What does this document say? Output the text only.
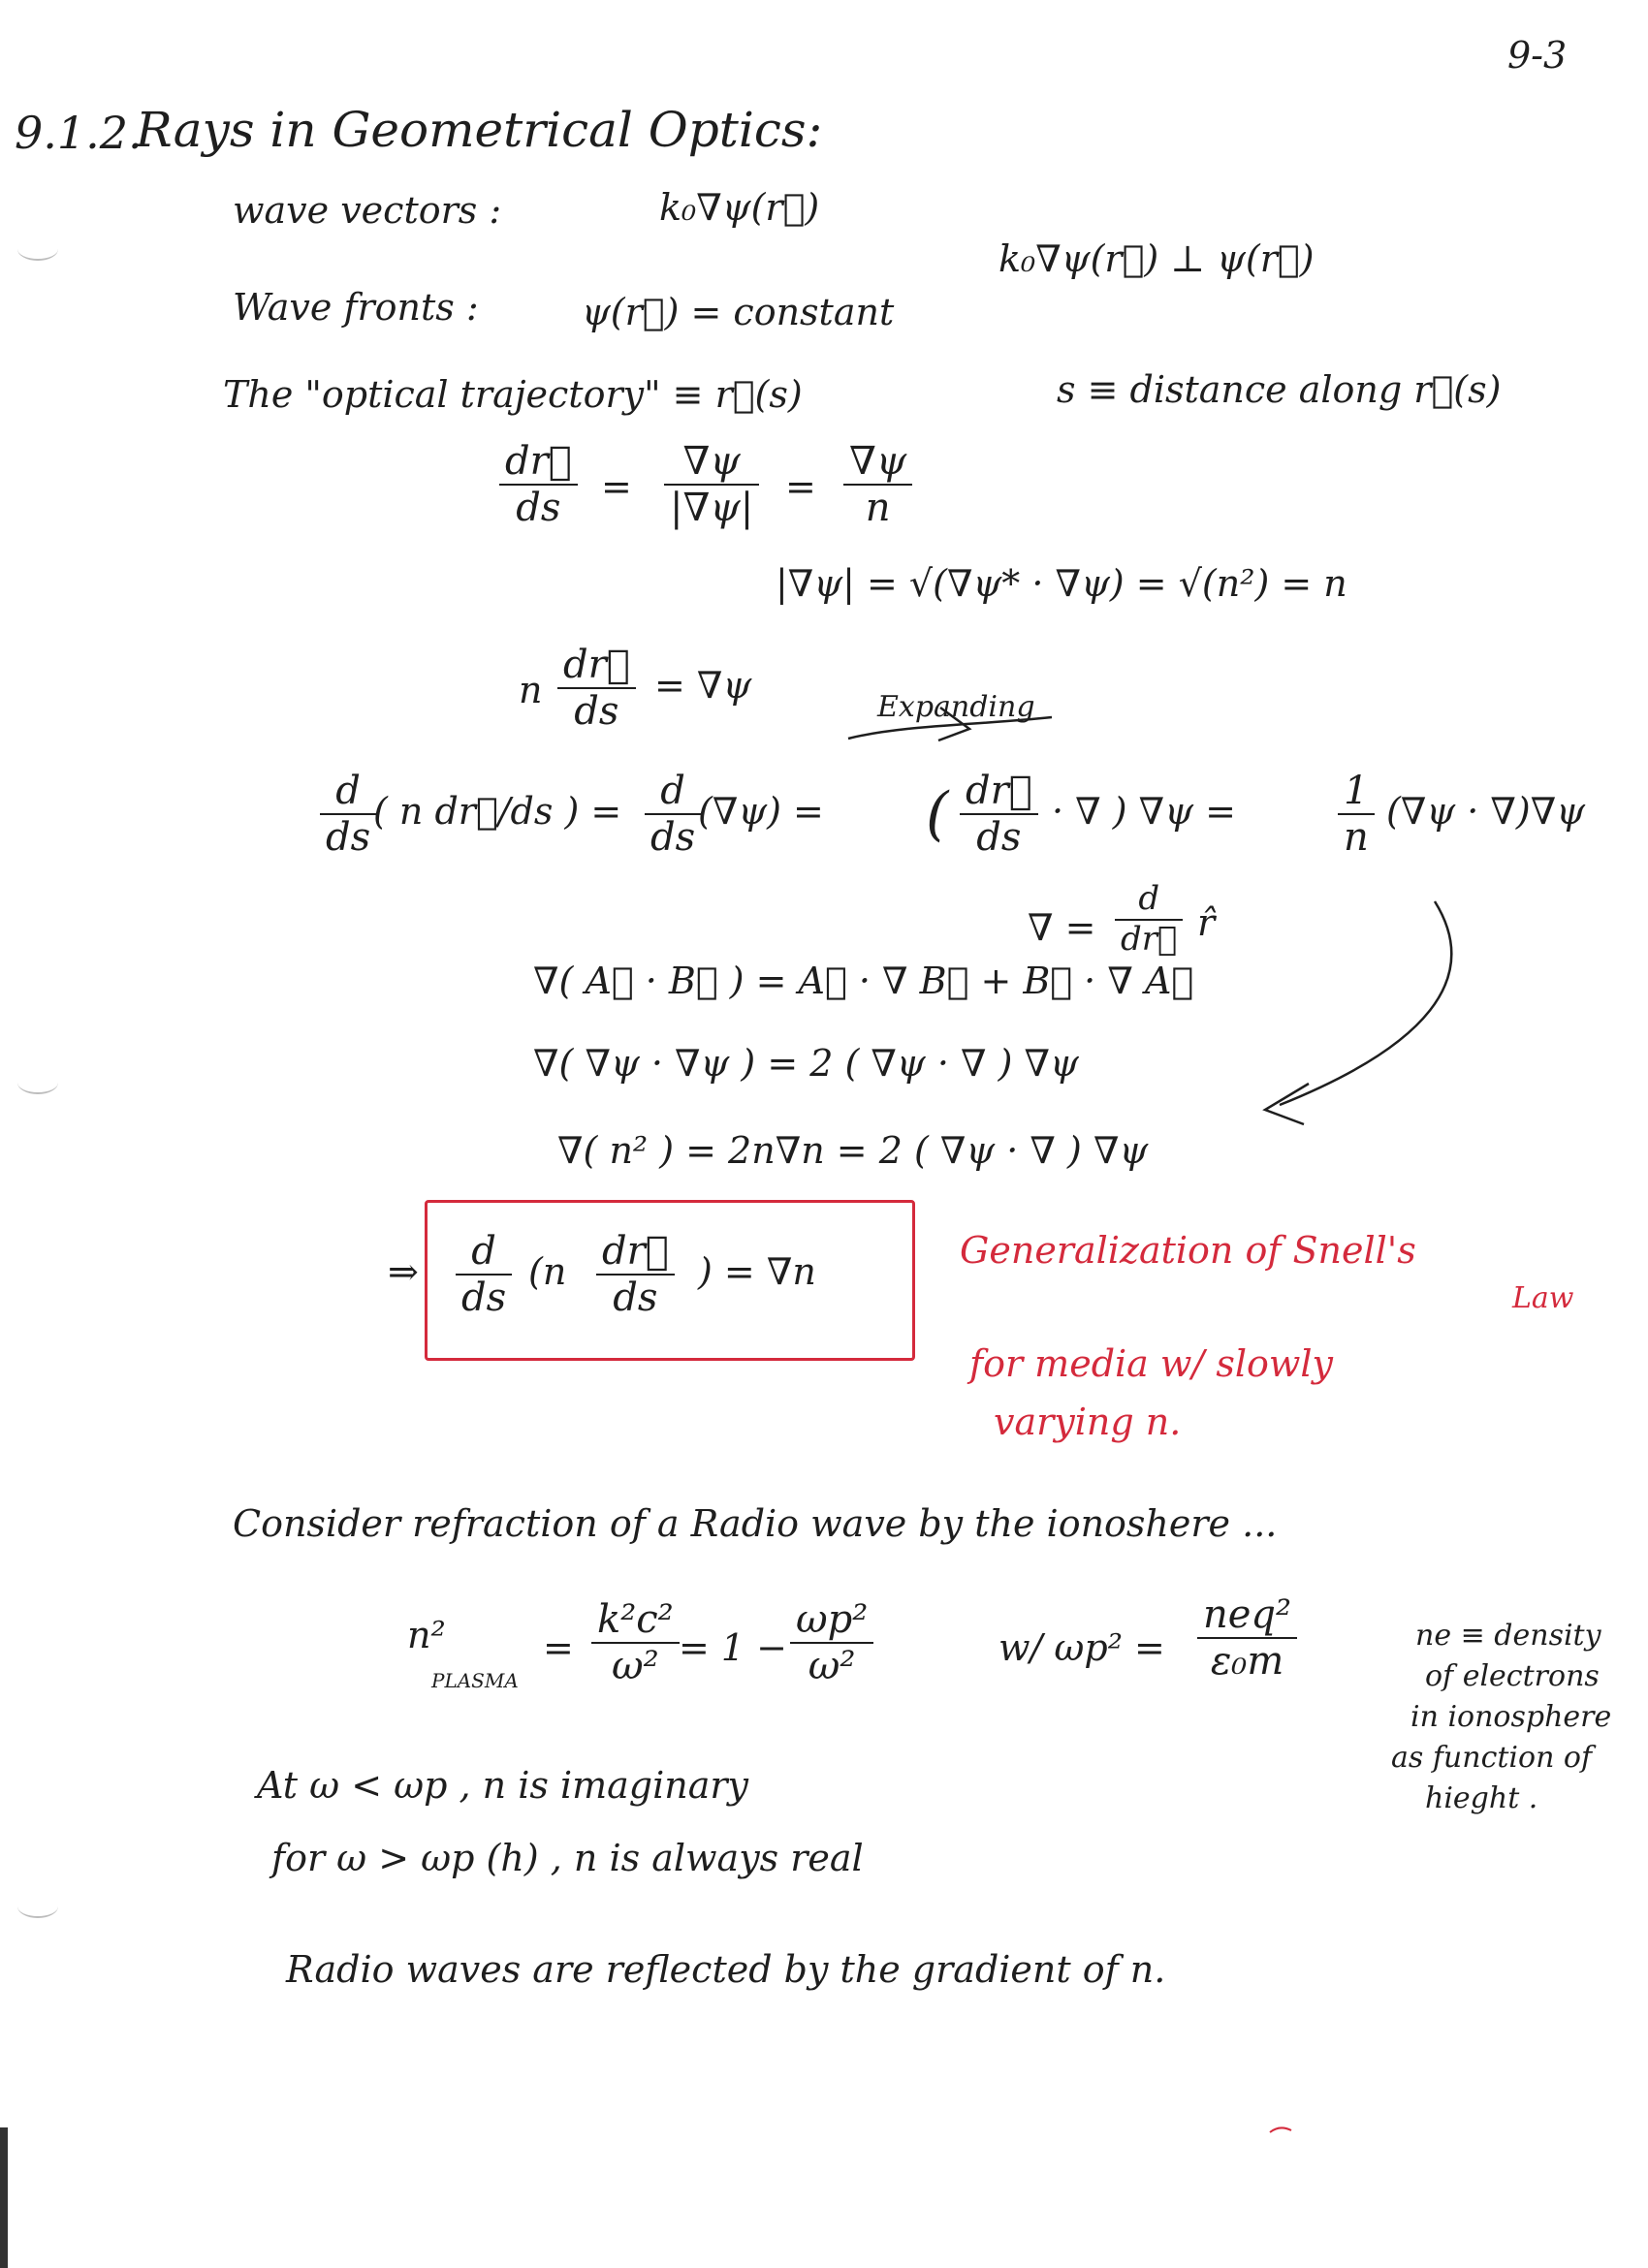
9-3
9.1.2.
Rays in Geometrical Optics:
wave vectors :	k₀∇ψ(r⃗)
k₀∇ψ(r⃗) ⊥ ψ(r⃗)
Wave fronts :	ψ(r⃗) = constant
The "optical trajectory" ≡ r⃗(s)	s ≡ distance along r⃗(s)
dr⃗
ds =
∇ψ
|∇ψ| =
∇ψ
n
|∇ψ| = √(∇ψ* · ∇ψ) = √(n²) = n
n
dr⃗
ds
= ∇ψ
Expanding
d
ds
( n dr⃗/ds ) = d
ds
(∇ψ) = ( dr⃗
ds
· ∇ ) ∇ψ =	1
n
(∇ψ · ∇)∇ψ
∇ =
d
dr⃗ r̂
∇( A⃗ · B⃗ ) = A⃗ · ∇ B⃗ + B⃗ · ∇ A⃗
∇( ∇ψ · ∇ψ ) = 2 ( ∇ψ · ∇ ) ∇ψ
∇( n² ) = 2n∇n = 2 ( ∇ψ · ∇ ) ∇ψ
⇒ d
ds
(n dr⃗
ds
) = ∇n	Generalization of Snell's
Law
for media w/ slowly
varying n.
Consider refraction of a Radio wave by the ionoshere ...
n²
PLASMA
=
k²c²
ω² = 1 −
ωp²
ω²	w/ ωp² =
neq²
ε₀m
ne ≡ density
of electrons
in ionosphere
as function of
hieght .
At ω < ωp , n is imaginary
for ω > ωp (h) , n is always real
Radio waves are reflected by the gradient of n.
